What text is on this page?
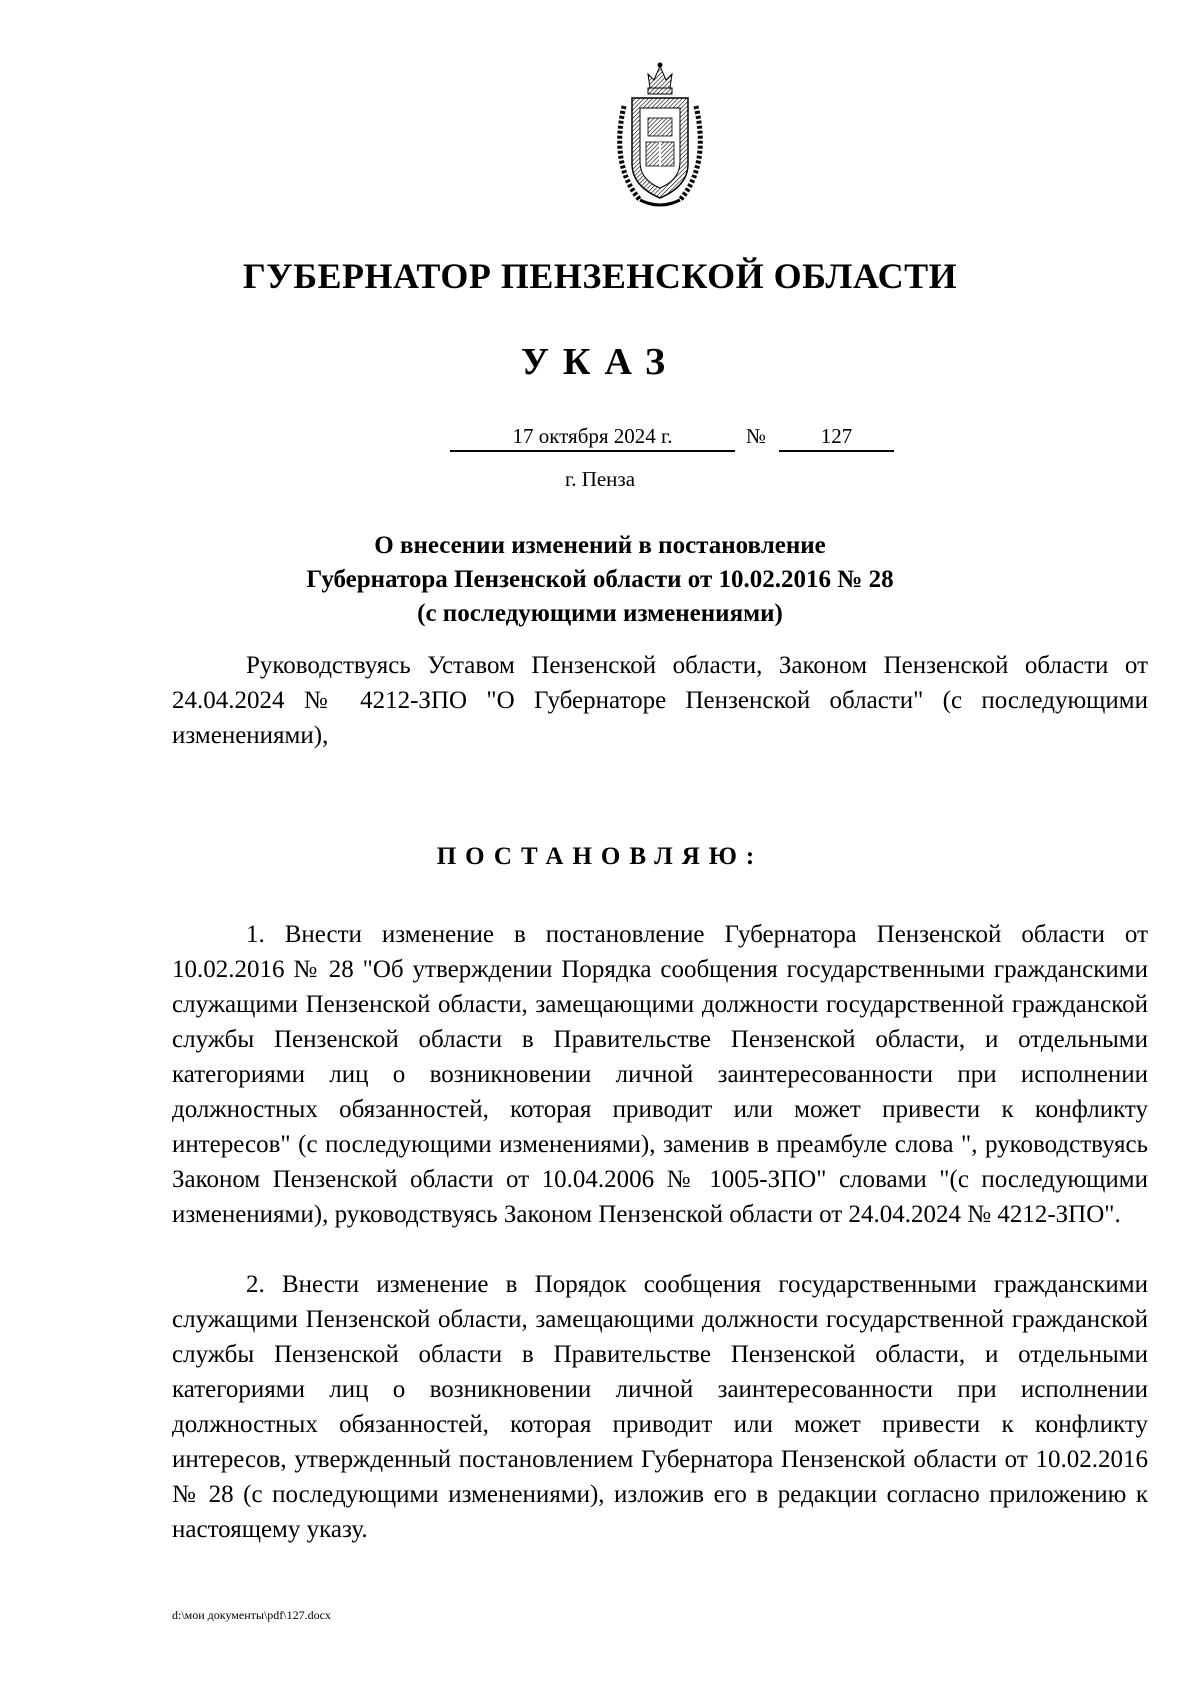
ГУБЕРНАТОР ПЕНЗЕНСКОЙ ОБЛАСТИ
УКАЗ
17 октября 2024 г.	№	127
г. Пенза
О внесении изменений в постановление
Губернатора Пензенской области от 10.02.2016 № 28
(с последующими изменениями)

Руководствуясь Уставом Пензенской области, Законом Пензенской области от 24.04.2024 № 4212-ЗПО "О Губернаторе Пензенской области" (с последующими изменениями),

ПОСТАНОВЛЯЮ:

1. Внести изменение в постановление Губернатора Пензенской области от 10.02.2016 № 28 "Об утверждении Порядка сообщения государственными гражданскими служащими Пензенской области, замещающими должности государственной гражданской службы Пензенской области в Правительстве Пензенской области, и отдельными категориями лиц о возникновении личной заинтересованности при исполнении должностных обязанностей, которая приводит или может привести к конфликту интересов" (с последующими изменениями), заменив в преамбуле слова ", руководствуясь Законом Пензенской области от 10.04.2006 № 1005-ЗПО" словами "(с последующими изменениями), руководствуясь Законом Пензенской области от 24.04.2024 № 4212-ЗПО".

2. Внести изменение в Порядок сообщения государственными гражданскими служащими Пензенской области, замещающими должности государственной гражданской службы Пензенской области в Правительстве Пензенской области, и отдельными категориями лиц о возникновении личной заинтересованности при исполнении должностных обязанностей, которая приводит или может привести к конфликту интересов, утвержденный постановлением Губернатора Пензенской области от 10.02.2016 № 28 (с последующими изменениями), изложив его в редакции согласно приложению к настоящему указу.

d:\мои документы\pdf\127.docx
